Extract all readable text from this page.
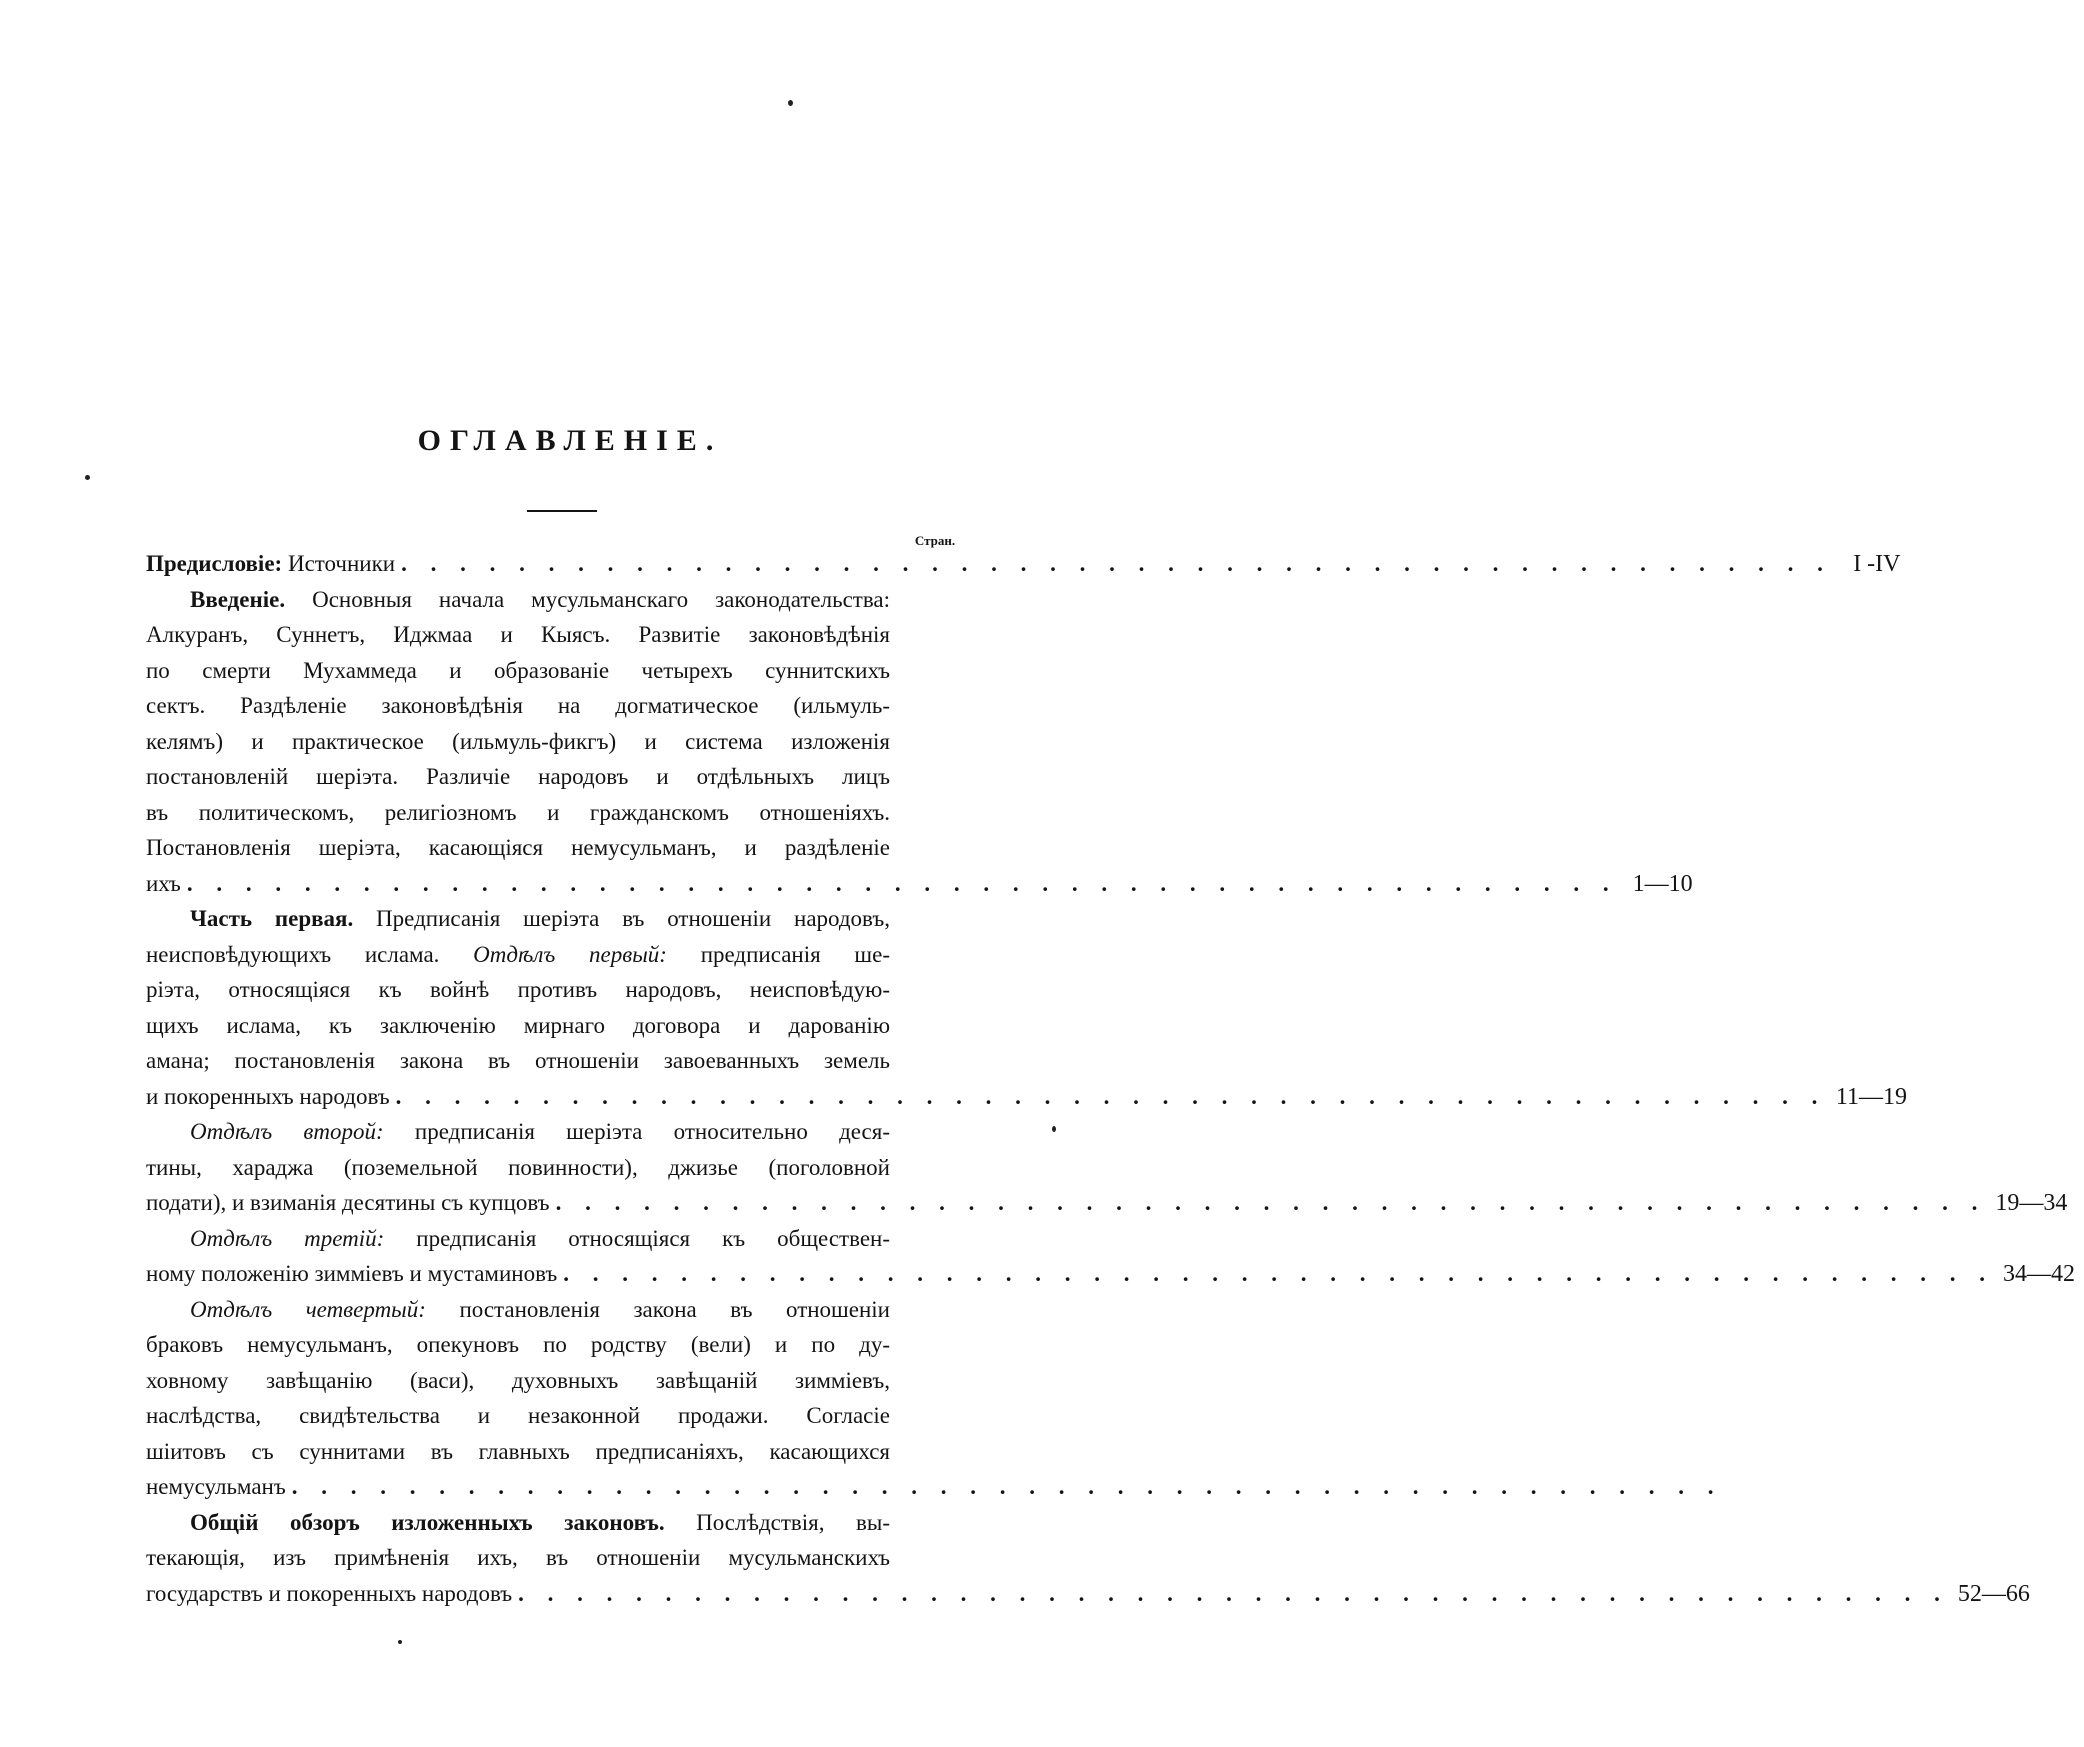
ОГЛАВЛЕНІЕ.
Стран.
Предисловіе: Источники . . . . . . . . . . . . . . . . . . . . . . . . . . . . . . . . . . . . . . . . . . . . . . . . . I -IV
Введеніе. Основныя начала мусульманскаго законодательства:
Алкуранъ, Суннетъ, Иджмаа и Кыясъ. Развитіе законовѣдѣнія
по смерти Мухаммеда и образованіе четырехъ суннитскихъ
сектъ. Раздѣленіе законовѣдѣнія на догматическое (ильмуль-
келямъ) и практическое (ильмуль-фикгъ) и система изложенія
постановленій шеріэта. Различіе народовъ и отдѣльныхъ лицъ
въ политическомъ, религіозномъ и гражданскомъ отношеніяхъ.
Постановленія шеріэта, касающіяся немусульманъ, и раздѣленіе
ихъ . . . . . . . . . . . . . . . . . . . . . . . . . . . . . . . . . . . . . . . . . . . . . . . . . 1—10
Часть первая. Предписанія шеріэта въ отношеніи народовъ,
неисповѣдующихъ ислама. Отдѣлъ первый: предписанія ше-
ріэта, относящіяся къ войнѣ противъ народовъ, неисповѣдую-
щихъ ислама, къ заключенію мирнаго договора и дарованію
амана; постановленія закона въ отношеніи завоеванныхъ земель
и покоренныхъ народовъ . . . . . . . . . . . . . . . . . . . . . . . . . . . . . . . . . . . . . . . . . . . . . . . . . 11—19
Отдѣлъ второй: предписанія шеріэта относительно деся-
тины, хараджа (поземельной повинности), джизье (поголовной
подати), и взиманія десятины съ купцовъ . . . . . . . . . . . . . . . . . . . . . . . . . . . . . . . . . . . . . . . . . . . . . . . . . 19—34
Отдѣлъ третій: предписанія относящіяся къ обществен-
ному положенію зимміевъ и мустаминовъ . . . . . . . . . . . . . . . . . . . . . . . . . . . . . . . . . . . . . . . . . . . . . . . . . 34—42
Отдѣлъ четвертый: постановленія закона въ отношеніи
браковъ немусульманъ, опекуновъ по родству (вели) и по ду-
ховному завѣщанію (васи), духовныхъ завѣщаній зимміевъ,
наслѣдства, свидѣтельства и незаконной продажи. Согласіе
шіитовъ съ суннитами въ главныхъ предписаніяхъ, касающихся
немусульманъ . . . . . . . . . . . . . . . . . . . . . . . . . . . . . . . . . . . . . . . . . . . . . . . . .
Общій обзоръ изложенныхъ законовъ. Послѣдствія, вы-
текающія, изъ примѣненія ихъ, въ отношеніи мусульманскихъ
государствъ и покоренныхъ народовъ . . . . . . . . . . . . . . . . . . . . . . . . . . . . . . . . . . . . . . . . . . . . . . . . . 52—66
